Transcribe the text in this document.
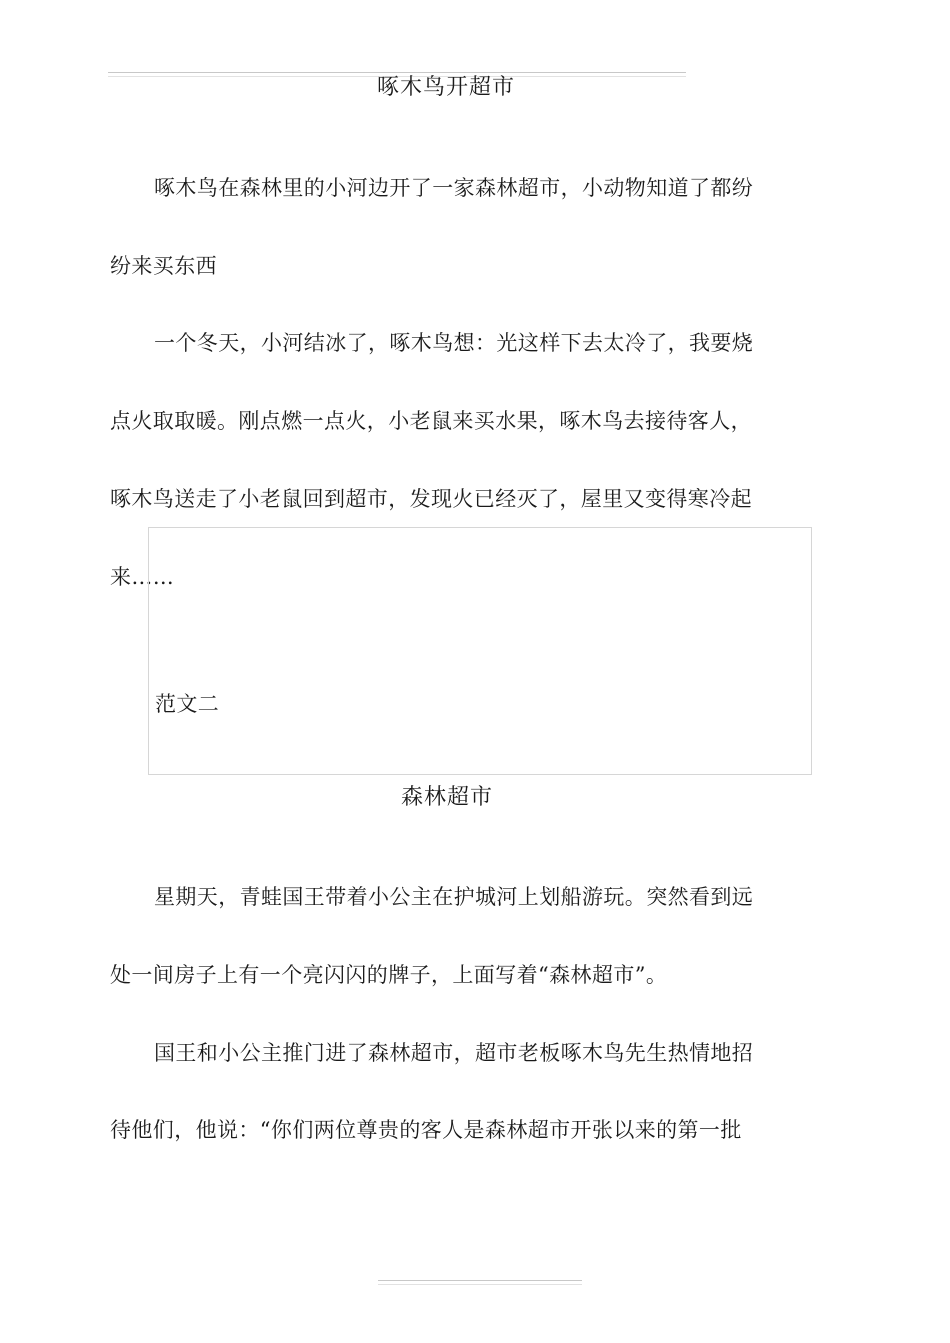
啄木鸟开超市
啄木鸟在森林里的小河边开了一家森林超市，小动物知道了都纷
纷来买东西
一个冬天，小河结冰了，啄木鸟想：光这样下去太冷了，我要烧
点火取取暖。刚点燃一点火，小老鼠来买水果，啄木鸟去接待客人，
啄木鸟送走了小老鼠回到超市，发现火已经灭了，屋里又变得寒冷起
来……
范文二
森林超市
星期天，青蛙国王带着小公主在护城河上划船游玩。突然看到远
处一间房子上有一个亮闪闪的牌子，上面写着“森林超市”。
国王和小公主推门进了森林超市，超市老板啄木鸟先生热情地招
待他们，他说：“你们两位尊贵的客人是森林超市开张以来的第一批
